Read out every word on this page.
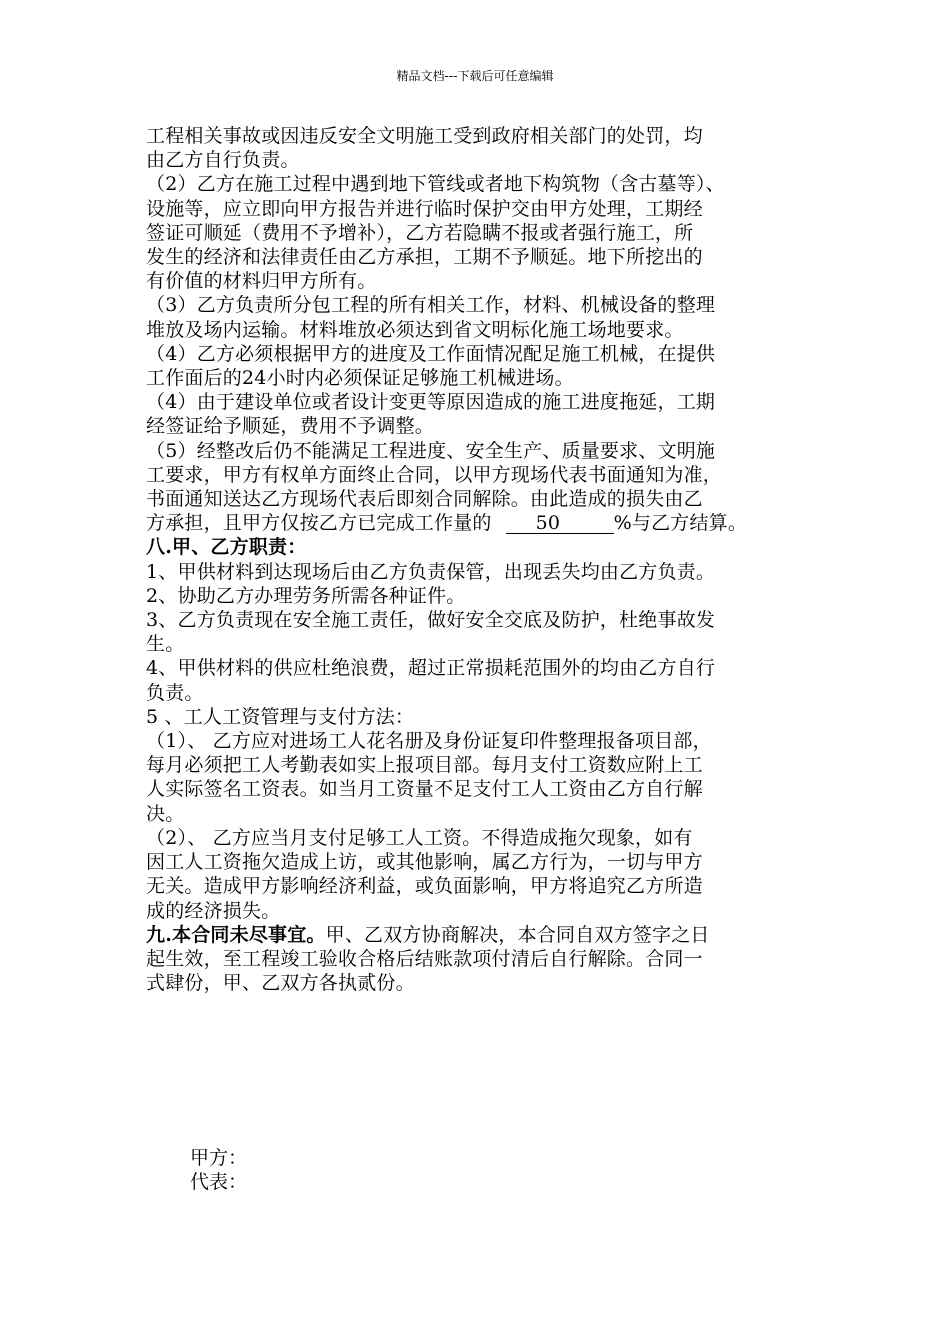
精品文档---下载后可任意编辑
工程相关事故或因违反安全文明施工受到政府相关部门的处罚，均
由乙方自行负责。
（2）乙方在施工过程中遇到地下管线或者地下构筑物（含古墓等）、
设施等，应立即向甲方报告并进行临时保护交由甲方处理，工期经
签证可顺延（费用不予增补），乙方若隐瞒不报或者强行施工，所
发生的经济和法律责任由乙方承担，工期不予顺延。地下所挖出的
有价值的材料归甲方所有。
（3）乙方负责所分包工程的所有相关工作，材料、机械设备的整理
堆放及场内运输。材料堆放必须达到省文明标化施工场地要求。
（4）乙方必须根据甲方的进度及工作面情况配足施工机械，在提供
工作面后的24小时内必须保证足够施工机械进场。
（4）由于建设单位或者设计变更等原因造成的施工进度拖延，工期
经签证给予顺延，费用不予调整。
（5）经整改后仍不能满足工程进度、安全生产、质量要求、文明施
工要求，甲方有权单方面终止合同，以甲方现场代表书面通知为准，
书面通知送达乙方现场代表后即刻合同解除。由此造成的损失由乙
方承担，且甲方仅按乙方已完成工作量的 50	%与乙方结算。
八.甲、乙方职责：
1、甲供材料到达现场后由乙方负责保管，出现丢失均由乙方负责。
2、协助乙方办理劳务所需各种证件。
3、乙方负责现在安全施工责任，做好安全交底及防护，杜绝事故发
生。
4、甲供材料的供应杜绝浪费，超过正常损耗范围外的均由乙方自行
负责。
5 、工人工资管理与支付方法：
（1）、 乙方应对进场工人花名册及身份证复印件整理报备项目部，
每月必须把工人考勤表如实上报项目部。每月支付工资数应附上工
人实际签名工资表。如当月工资量不足支付工人工资由乙方自行解
决。
（2）、 乙方应当月支付足够工人工资。不得造成拖欠现象，如有
因工人工资拖欠造成上访，或其他影响，属乙方行为，一切与甲方
无关。造成甲方影响经济利益，或负面影响，甲方将追究乙方所造
成的经济损失。
九.本合同未尽事宜。甲、乙双方协商解决，本合同自双方签字之日
起生效，至工程竣工验收合格后结账款项付清后自行解除。合同一
式肆份，甲、乙双方各执贰份。
甲方：
代表：
